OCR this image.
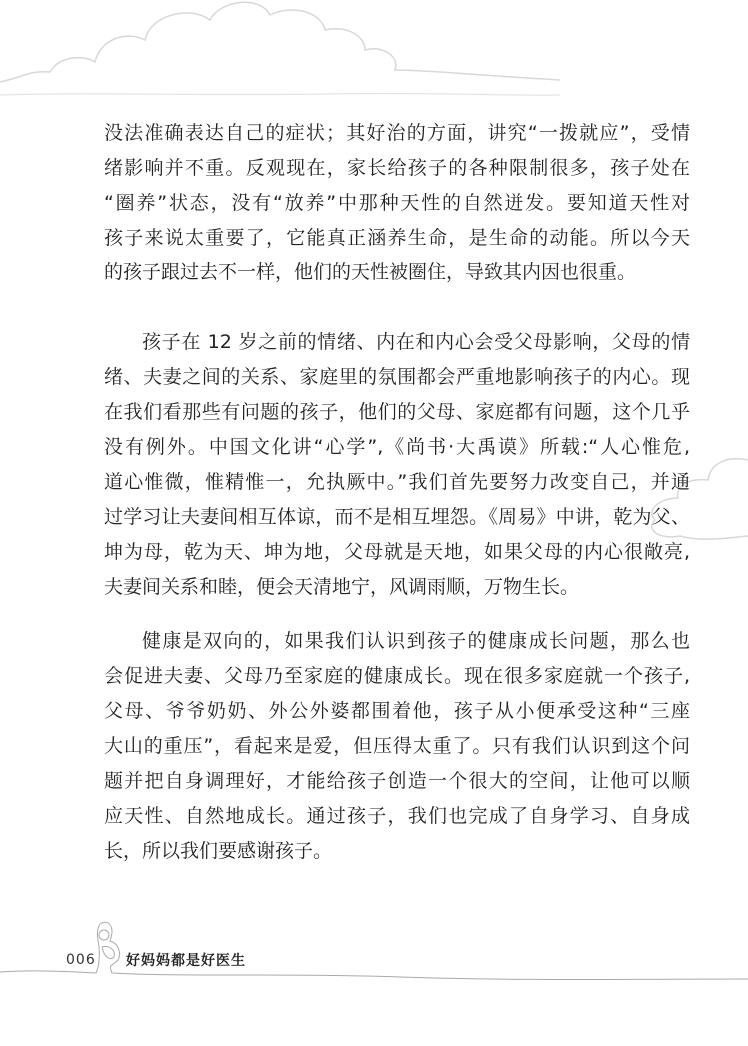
没法准确表达自己的症状；其好治的方面，讲究“一拨就应”，受情
绪影响并不重。反观现在，家长给孩子的各种限制很多，孩子处在
“圈养”状态，没有“放养”中那种天性的自然迸发。要知道天性对
孩子来说太重要了，它能真正涵养生命，是生命的动能。所以今天
的孩子跟过去不一样，他们的天性被圈住，导致其内因也很重。
孩子在 12 岁之前的情绪、内在和内心会受父母影响，父母的情
绪、夫妻之间的关系、家庭里的氛围都会严重地影响孩子的内心。现
在我们看那些有问题的孩子，他们的父母、家庭都有问题，这个几乎
没有例外。中国文化讲“心学”,《尚书·大禹谟》所载:“人心惟危,
道心惟微，惟精惟一，允执厥中。”我们首先要努力改变自己，并通
过学习让夫妻间相互体谅，而不是相互埋怨。《周易》中讲，乾为父、
坤为母，乾为天、坤为地，父母就是天地，如果父母的内心很敞亮,
夫妻间关系和睦，便会天清地宁，风调雨顺，万物生长。
健康是双向的，如果我们认识到孩子的健康成长问题，那么也
会促进夫妻、父母乃至家庭的健康成长。现在很多家庭就一个孩子,
父母、爷爷奶奶、外公外婆都围着他，孩子从小便承受这种“三座
大山的重压”，看起来是爱，但压得太重了。只有我们认识到这个问
题并把自身调理好，才能给孩子创造一个很大的空间，让他可以顺
应天性、自然地成长。通过孩子，我们也完成了自身学习、自身成
长，所以我们要感谢孩子。
006 好妈妈都是好医生
